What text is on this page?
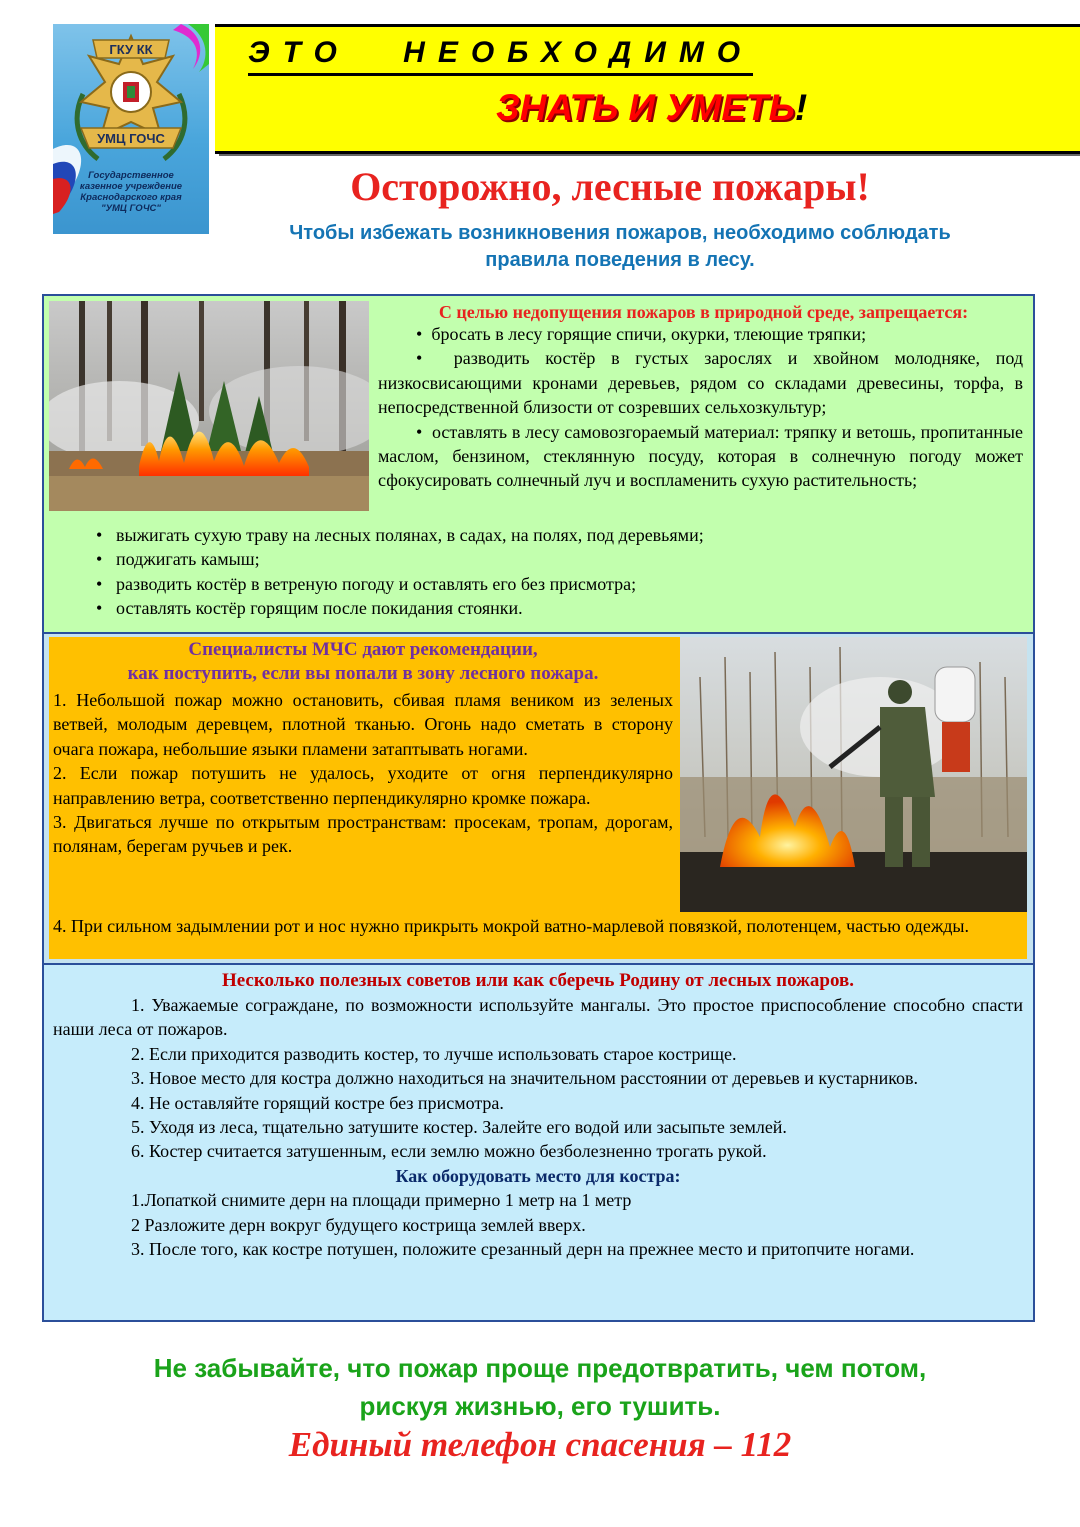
ГКУ КК
УМЦ ГОЧС
Государственное
казенное учреждение
Краснодарского края
"УМЦ ГОЧС"
ЭТО НЕОБХОДИМО
ЗНАТЬ И УМЕТЬ!
Осторожно, лесные пожары!
Чтобы избежать возникновения пожаров, необходимо соблюдать
правила поведения в лесу.
С целью недопущения пожаров в природной среде, запрещается:
•  бросать в лесу горящие спичи, окурки, тлеющие тряпки;
•  разводить костёр в густых зарослях и хвойном молодняке, под низкосвисающими кронами деревьев, рядом со складами древесины, торфа, в непосредственной близости от созревших сельхозкультур;
•  оставлять в лесу самовозгораемый материал: тряпку и ветошь, пропитанные маслом, бензином, стеклянную посуду, которая в солнечную погоду может сфокусировать солнечный луч и воспламенить сухую растительность;
• выжигать сухую траву на лесных полянах, в садах, на полях, под деревьями;
• поджигать камыш;
• разводить костёр в ветреную погоду и оставлять его без присмотра;
• оставлять костёр горящим после покидания стоянки.
Специалисты МЧС дают рекомендации,
как поступить, если вы попали в зону лесного пожара.
1. Небольшой пожар можно остановить, сбивая пламя веником из зеленых ветвей, молодым деревцем, плотной тканью. Огонь надо сметать в сторону очага пожара, небольшие языки пламени затаптывать ногами.
2. Если пожар потушить не удалось, уходите от огня перпендикулярно направлению ветра, соответственно перпендикулярно кромке пожара.
3. Двигаться лучше по открытым пространствам: просекам, тропам, дорогам, полянам, берегам ручьев и рек.
4. При сильном задымлении рот и нос нужно прикрыть мокрой ватно-марлевой повязкой, полотенцем, частью одежды.
Несколько полезных советов или как сберечь Родину от лесных пожаров.
1. Уважаемые сограждане, по возможности используйте мангалы. Это простое приспособление способно спасти наши леса от пожаров.
2. Если приходится разводить костер, то лучше использовать старое кострище.
3. Новое место для костра должно находиться на значительном расстоянии от деревьев и кустарников.
4. Не оставляйте горящий костре без присмотра.
5. Уходя из леса, тщательно затушите костер. Залейте его водой или засыпьте землей.
6. Костер считается затушенным, если землю можно безболезненно трогать рукой.
Как оборудовать место для костра:
1.Лопаткой снимите дерн на площади примерно 1 метр на 1 метр
2 Разложите дерн вокруг будущего кострища землей вверх.
3. После того, как костре потушен, положите срезанный дерн на прежнее место и притопчите ногами.
Не забывайте, что пожар проще предотвратить, чем потом,
рискуя жизнью, его тушить.
Единый телефон спасения – 112
